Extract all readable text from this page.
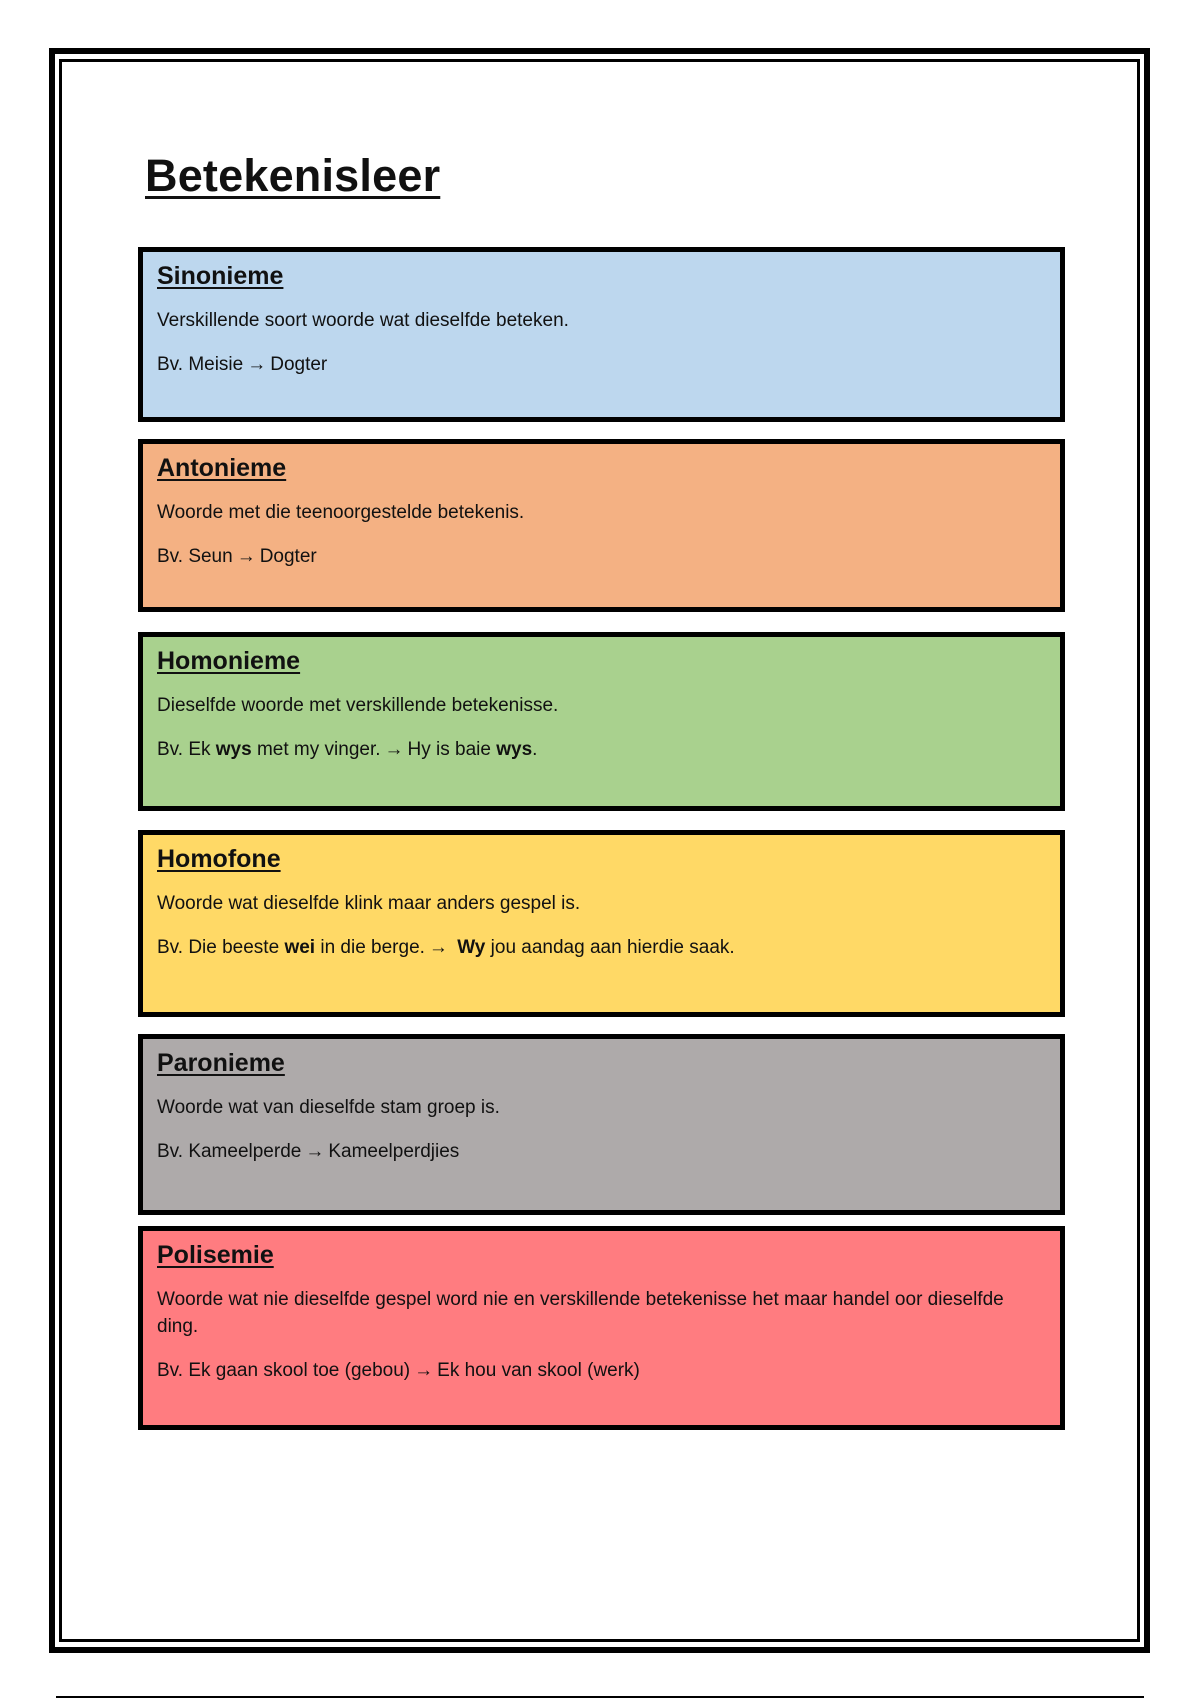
Betekenisleer
Sinonieme

Verskillende soort woorde wat dieselfde beteken.

Bv. Meisie → Dogter

Antonieme

Woorde met die teenoorgestelde betekenis.

Bv. Seun → Dogter

Homonieme

Dieselfde woorde met verskillende betekenisse.

Bv. Ek wys met my vinger. → Hy is baie wys.

Homofone

Woorde wat dieselfde klink maar anders gespel is.

Bv. Die beeste wei in die berge. → Wy jou aandag aan hierdie saak.

Paronieme

Woorde wat van dieselfde stam groep is.

Bv. Kameelperde → Kameelperdjies

Polisemie

Woorde wat nie dieselfde gespel word nie en verskillende betekenisse het maar handel oor dieselfde ding.

Bv. Ek gaan skool toe (gebou) → Ek hou van skool (werk)
